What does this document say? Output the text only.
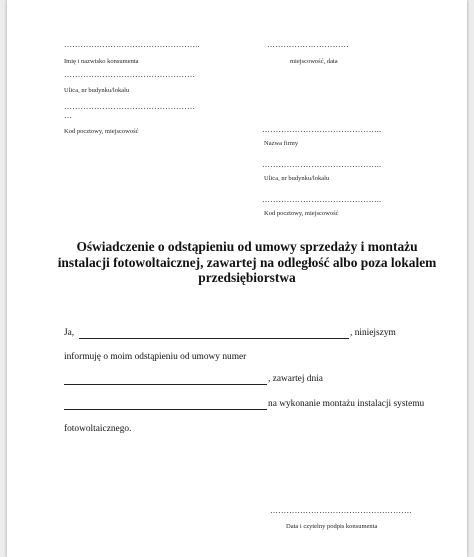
…………………………………………..
Imię i nazwisko konsumenta
…………………………………………
Ulica, nr budynku/lokalu
…………………………………………
…
Kod pocztowy, miejscowość
…………………………
miejscowość, data
……………………………………..
Nazwa firmy
……………………………………..
Ulica, nr budynku/lokalu
……………………………………..
Kod pocztowy, miejscowość
Oświadczenie o odstąpieniu od umowy sprzedaży i montażu
instalacji fotowoltaicznej, zawartej na odległość albo poza lokalem
przedsiębiorstwa
Ja,	, niniejszym
informuję o moim odstąpieniu od umowy numer
, zawartej dnia
na wykonanie montażu instalacji systemu
fotowoltaicznego.
…………………………………………….
Data i czytelny podpis konsumenta
